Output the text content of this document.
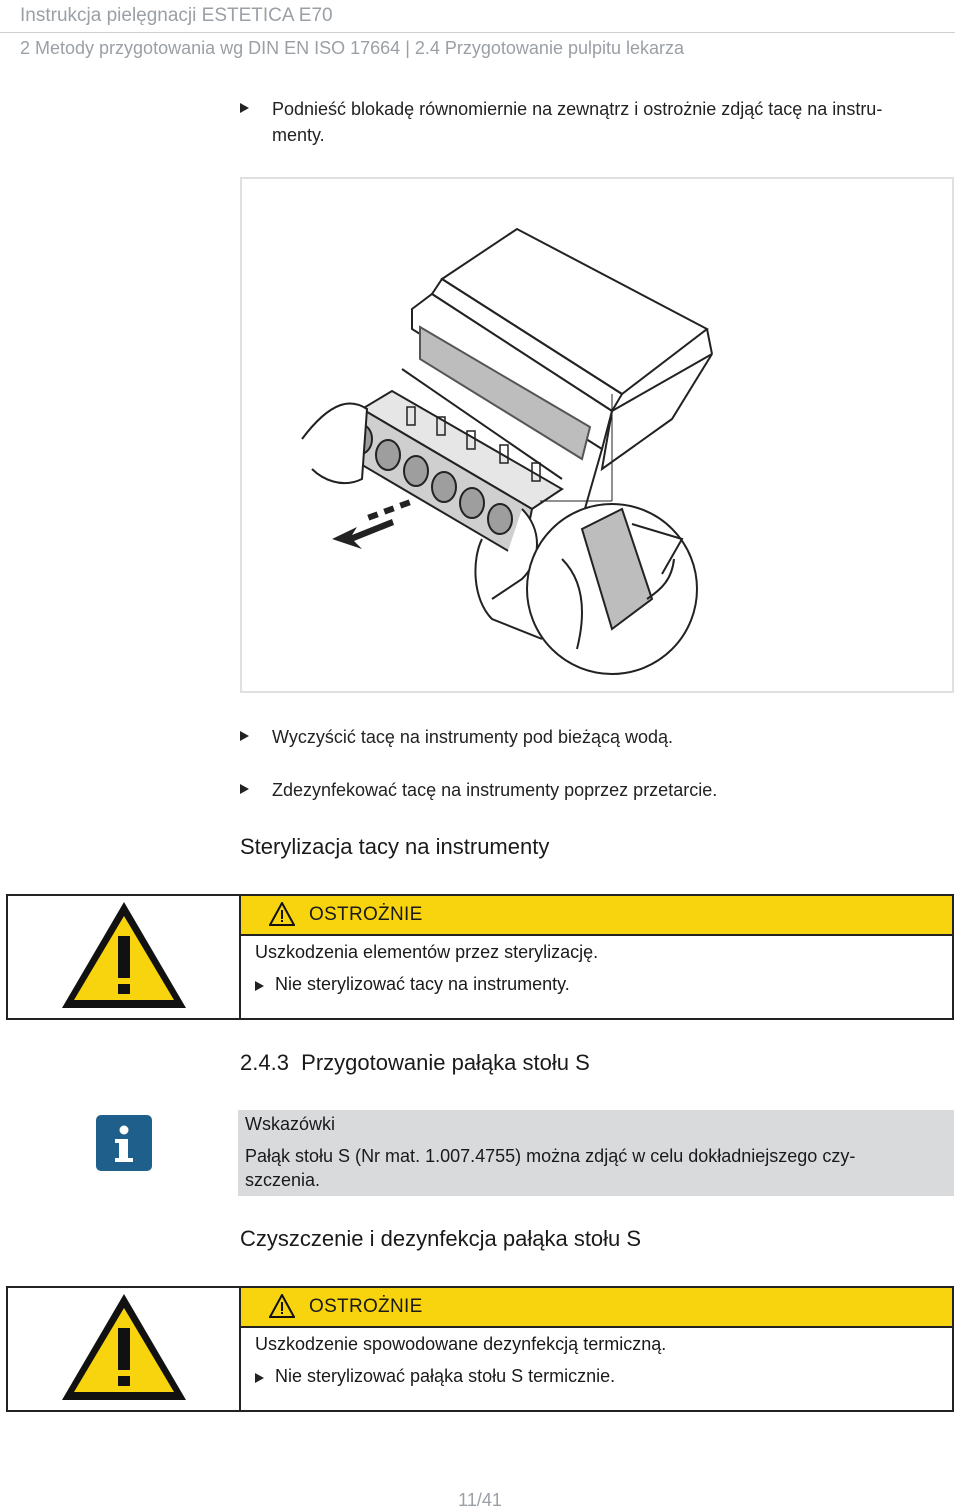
Instrukcja pielęgnacji ESTETICA E70
2 Metody przygotowania wg DIN EN ISO 17664 | 2.4 Przygotowanie pulpitu lekarza
Podnieść blokadę równomiernie na zewnątrz i ostrożnie zdjąć tacę na instru-
menty.
Wyczyścić tacę na instrumenty pod bieżącą wodą.
Zdezynfekować tacę na instrumenty poprzez przetarcie.
Sterylizacja tacy na instrumenty
OSTROŻNIE
Uszkodzenia elementów przez sterylizację.
Nie sterylizować tacy na instrumenty.
2.4.3 Przygotowanie pałąka stołu S
Wskazówki
Pałąk stołu S (Nr mat. 1.007.4755) można zdjąć w celu dokładniejszego czy-
szczenia.
Czyszczenie i dezynfekcja pałąka stołu S
OSTROŻNIE
Uszkodzenie spowodowane dezynfekcją termiczną.
Nie sterylizować pałąka stołu S termicznie.
11/41
